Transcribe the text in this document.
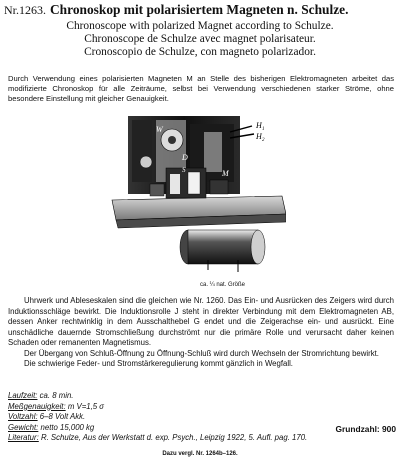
Nr.1263. Chronoskop mit polarisiertem Magneten n. Schulze.
Chronoscope with polarized Magnet according to Schulze.
Chronoscope de Schulze avec magnet polarisateur.
Cronoscopio de Schulze, con magneto polarizador.
Durch Verwendung eines polarisierten Magneten M an Stelle des bisherigen Elektromagneten arbeitet das modifizierte Chronoskop für alle Zeiträume, selbst bei Verwendung verschiedenen starker Ströme, ohne besondere Einstellung mit gleicher Genauigkeit.
H 1
H 2
W
D
S	M
ca. ¼ nat. Größe

Uhrwerk und Ableseskalen sind die gleichen wie Nr. 1260. Das Ein- und Ausrücken des Zeigers wird durch Induktionsschläge bewirkt. Die Induktionsrolle J steht in direkter Verbindung mit dem Elektromagneten AB, dessen Anker rechtwinklig in dem Ausschalthebel G endet und die Zeigerachse ein- und ausrückt. Eine unschädliche dauernde Stromschließung durchströmt nur die primäre Rolle und verursacht daher keinen Schaden oder remanenten Magnetismus.

Der Übergang von Schluß-Öffnung zu Öffnung-Schluß wird durch Wechseln der Stromrichtung bewirkt.

Die schwierige Feder- und Stromstärkeregulierung kommt gänzlich in Wegfall.

Laufzeit: ca. 8 min.
Meßgenauigkeit: m V=1,5 σ
Voltzahl: 6–8 Volt Akk.
Gewicht: netto 15,000 kg
Literatur: R. Schulze, Aus der Werkstatt d. exp. Psych., Leipzig 1922, 5. Aufl. pag. 170.
Grundzahl: 900
Dazu vergl. Nr. 1264b–126.
